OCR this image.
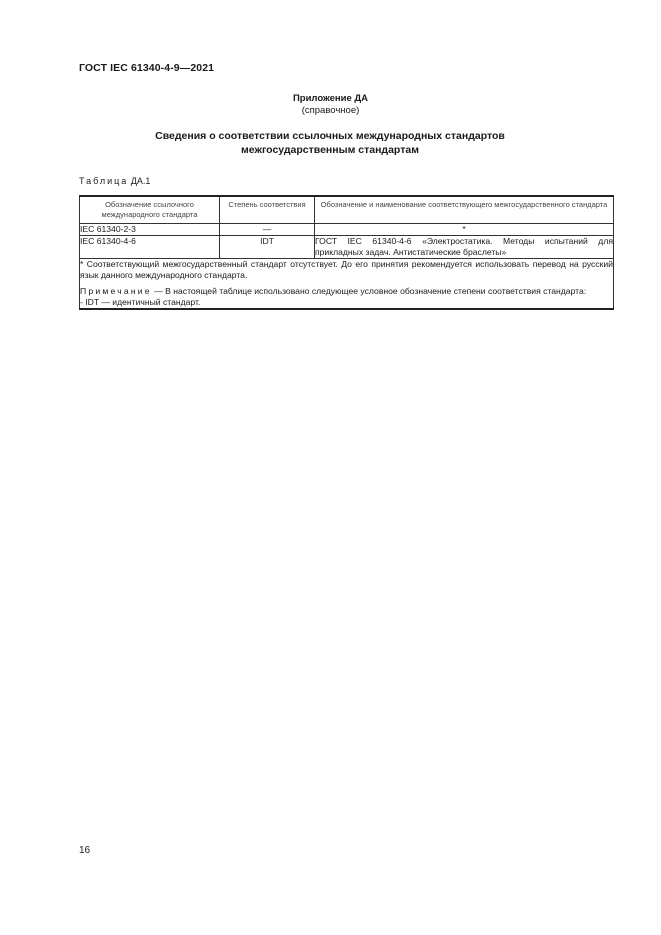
ГОСТ IEC 61340-4-9—2021
Приложение ДА
(справочное)
Сведения о соответствии ссылочных международных стандартов межгосударственным стандартам
Таблица ДА.1
Обозначение ссылочного международного стандарта	Степень соответствия	Обозначение и наименование соответствующего межгосударственного стандарта
IEC 61340-2-3	—	*
IEC 61340-4-6	IDT	ГОСТ IEC 61340-4-6 «Электростатика. Методы испытаний для прикладных задач. Антистатические браслеты»

* Соответствующий межгосударственный стандарт отсутствует. До его принятия рекомендуется использовать перевод на русский язык данного международного стандарта.

Примечание — В настоящей таблице использовано следующее условное обозначение степени соответствия стандарта:

- IDT — идентичный стандарт.		

16
